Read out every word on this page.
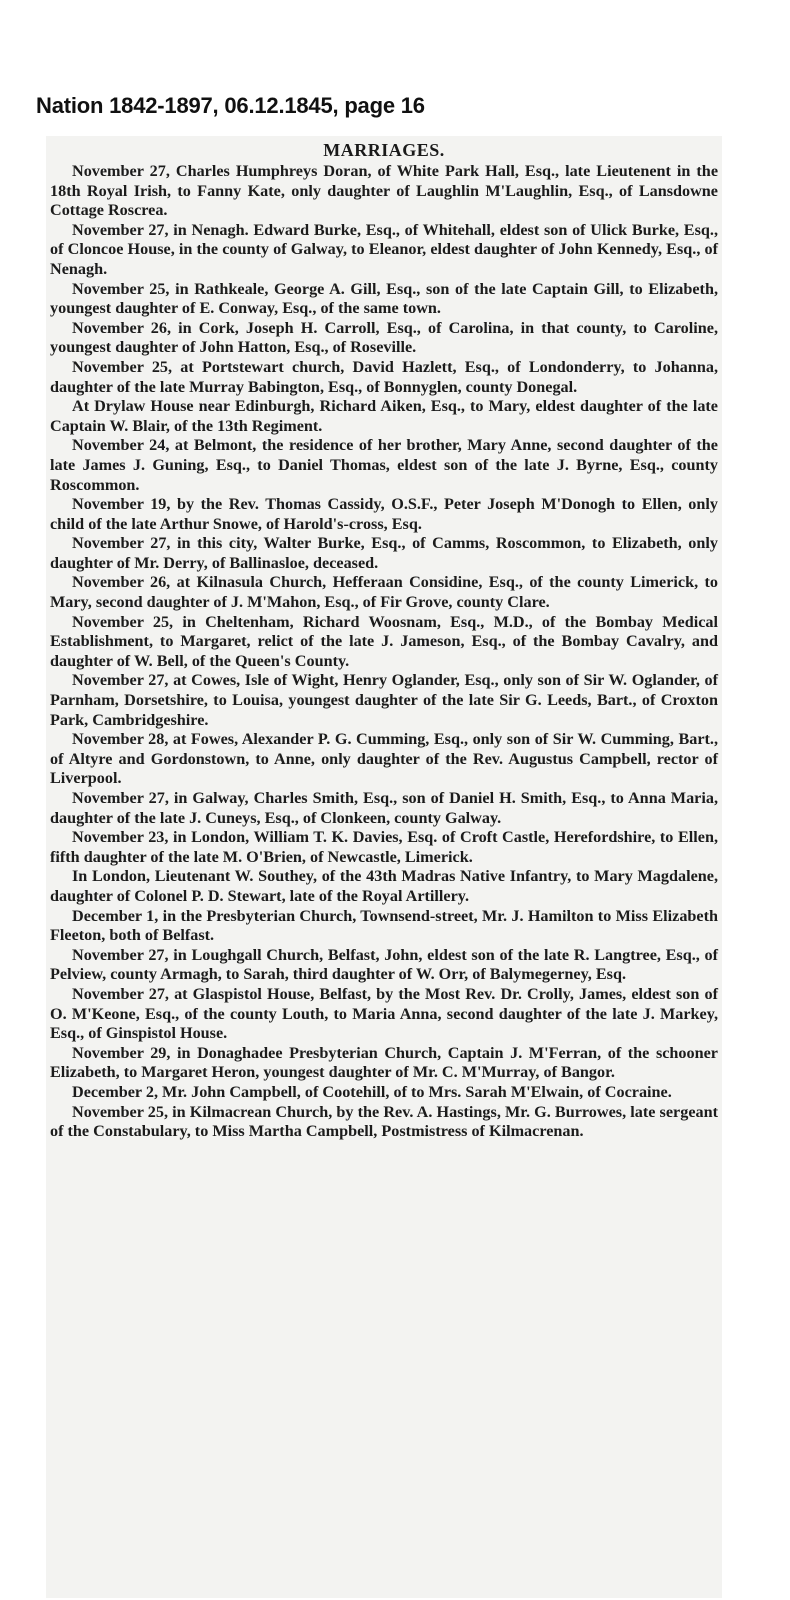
Nation 1842-1897, 06.12.1845, page 16
MARRIAGES.

November 27, Charles Humphreys Doran, of White Park Hall, Esq., late Lieutenent in the 18th Royal Irish, to Fanny Kate, only daughter of Laughlin M'Laughlin, Esq., of Lansdowne Cottage Roscrea.

November 27, in Nenagh. Edward Burke, Esq., of Whitehall, eldest son of Ulick Burke, Esq., of Cloncoe House, in the county of Galway, to Eleanor, eldest daughter of John Kennedy, Esq., of Nenagh.

November 25, in Rathkeale, George A. Gill, Esq., son of the late Captain Gill, to Elizabeth, youngest daughter of E. Conway, Esq., of the same town.

November 26, in Cork, Joseph H. Carroll, Esq., of Carolina, in that county, to Caroline, youngest daughter of John Hatton, Esq., of Roseville.

November 25, at Portstewart church, David Hazlett, Esq., of Londonderry, to Johanna, daughter of the late Murray Babington, Esq., of Bonnyglen, county Donegal.

At Drylaw House near Edinburgh, Richard Aiken, Esq., to Mary, eldest daughter of the late Captain W. Blair, of the 13th Regiment.

November 24, at Belmont, the residence of her brother, Mary Anne, second daughter of the late James J. Guning, Esq., to Daniel Thomas, eldest son of the late J. Byrne, Esq., county Roscommon.

November 19, by the Rev. Thomas Cassidy, O.S.F., Peter Joseph M'Donogh to Ellen, only child of the late Arthur Snowe, of Harold's-cross, Esq.

November 27, in this city, Walter Burke, Esq., of Camms, Roscommon, to Elizabeth, only daughter of Mr. Derry, of Ballinasloe, deceased.

November 26, at Kilnasula Church, Hefferaan Considine, Esq., of the county Limerick, to Mary, second daughter of J. M'Mahon, Esq., of Fir Grove, county Clare.

November 25, in Cheltenham, Richard Woosnam, Esq., M.D., of the Bombay Medical Establishment, to Margaret, relict of the late J. Jameson, Esq., of the Bombay Cavalry, and daughter of W. Bell, of the Queen's County.

November 27, at Cowes, Isle of Wight, Henry Oglander, Esq., only son of Sir W. Oglander, of Parnham, Dorsetshire, to Louisa, youngest daughter of the late Sir G. Leeds, Bart., of Croxton Park, Cambridgeshire.

November 28, at Fowes, Alexander P. G. Cumming, Esq., only son of Sir W. Cumming, Bart., of Altyre and Gordonstown, to Anne, only daughter of the Rev. Augustus Campbell, rector of Liverpool.

November 27, in Galway, Charles Smith, Esq., son of Daniel H. Smith, Esq., to Anna Maria, daughter of the late J. Cuneys, Esq., of Clonkeen, county Galway.

November 23, in London, William T. K. Davies, Esq. of Croft Castle, Herefordshire, to Ellen, fifth daughter of the late M. O'Brien, of Newcastle, Limerick.

In London, Lieutenant W. Southey, of the 43th Madras Native Infantry, to Mary Magdalene, daughter of Colonel P. D. Stewart, late of the Royal Artillery.

December 1, in the Presbyterian Church, Townsend-street, Mr. J. Hamilton to Miss Elizabeth Fleeton, both of Belfast.

November 27, in Loughgall Church, Belfast, John, eldest son of the late R. Langtree, Esq., of Pelview, county Armagh, to Sarah, third daughter of W. Orr, of Balymegerney, Esq.

November 27, at Glaspistol House, Belfast, by the Most Rev. Dr. Crolly, James, eldest son of O. M'Keone, Esq., of the county Louth, to Maria Anna, second daughter of the late J. Markey, Esq., of Ginspistol House.

November 29, in Donaghadee Presbyterian Church, Captain J. M'Ferran, of the schooner Elizabeth, to Margaret Heron, youngest daughter of Mr. C. M'Murray, of Bangor.

December 2, Mr. John Campbell, of Cootehill, of to Mrs. Sarah M'Elwain, of Cocraine.

November 25, in Kilmacrean Church, by the Rev. A. Hastings, Mr. G. Burrowes, late sergeant of the Constabulary, to Miss Martha Campbell, Postmistress of Kilmacrenan.
